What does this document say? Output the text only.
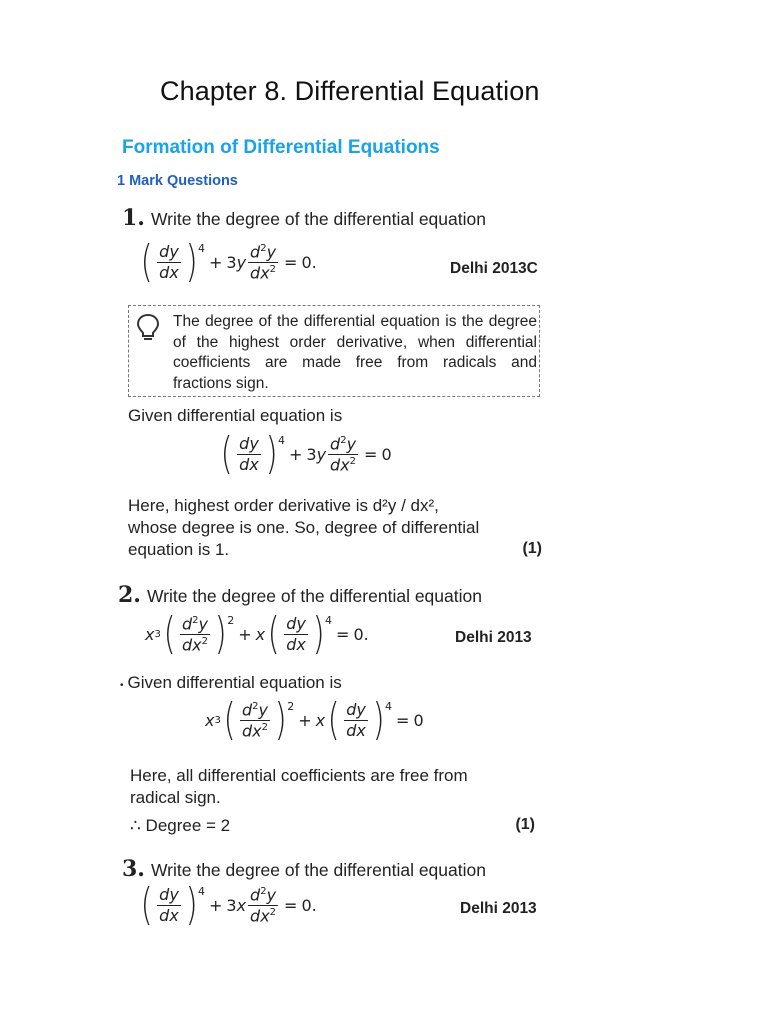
Chapter 8. Differential Equation
Formation of Differential Equations
1 Mark Questions
1. Write the degree of the differential equation
( $\frac{dy}{dx}$ ) 4
+ 3 y $\frac{d^2y}{dx^2} = 0$.	Delhi 2013C
The degree of the differential equation is the degree of the highest order derivative, when differential coefficients are made free from radicals and fractions sign.
Given differential equation is
( $\frac{dy}{dx}$ ) 4
+ 3 y $\frac{d^2y}{dx^2} = 0$
Here, highest order derivative is d²y / dx²,
whose degree is one. So, degree of differential
equation is 1.	(1)
2. Write the degree of the differential equation
x 3 ( $\frac{d^2y}{dx^2}$ ) 2
+ x ( $\frac{dy}{dx}$ ) 4
= 0.	Delhi 2013
• Given differential equation is
x 3 ( $\frac{d^2y}{dx^2}$ ) 2
+ x ( $\frac{dy}{dx}$ ) 4
= 0
Here, all differential coefficients are free from
radical sign.
∴ Degree = 2	(1)
3. Write the degree of the differential equation
( $\frac{dy}{dx}$ ) 4
+ 3 x $\frac{d^2y}{dx^2} = 0$.	Delhi 2013
